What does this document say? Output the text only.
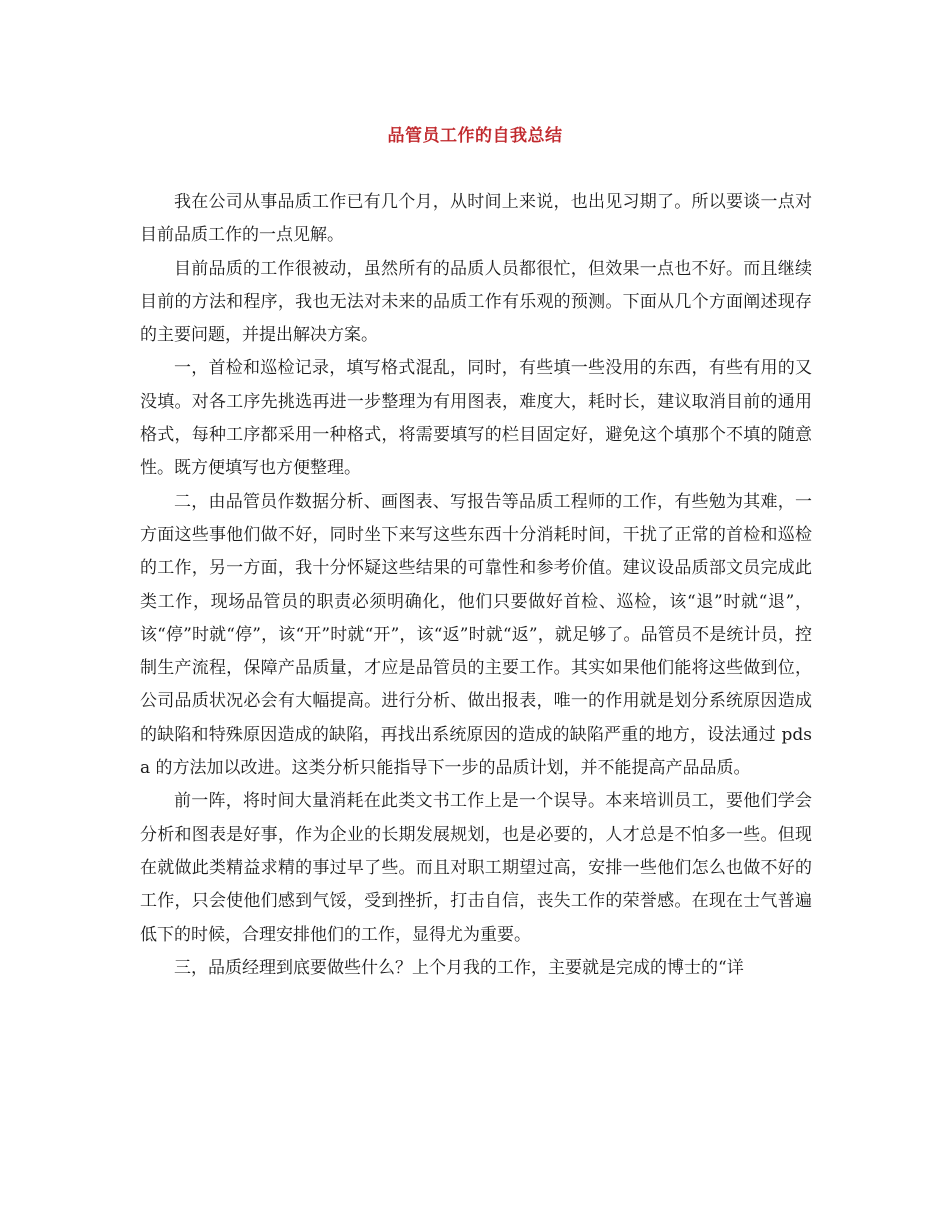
品管员工作的自我总结

我在公司从事品质工作已有几个月，从时间上来说，也出见习期了。所以要谈一点对目前品质工作的一点见解。

目前品质的工作很被动，虽然所有的品质人员都很忙，但效果一点也不好。而且继续目前的方法和程序，我也无法对未来的品质工作有乐观的预测。下面从几个方面阐述现存的主要问题，并提出解决方案。

一，首检和巡检记录，填写格式混乱，同时，有些填一些没用的东西，有些有用的又没填。对各工序先挑选再进一步整理为有用图表，难度大，耗时长，建议取消目前的通用格式，每种工序都采用一种格式，将需要填写的栏目固定好，避免这个填那个不填的随意性。既方便填写也方便整理。

二，由品管员作数据分析、画图表、写报告等品质工程师的工作，有些勉为其难，一方面这些事他们做不好，同时坐下来写这些东西十分消耗时间，干扰了正常的首检和巡检的工作，另一方面，我十分怀疑这些结果的可靠性和参考价值。建议设品质部文员完成此类工作，现场品管员的职责必须明确化，他们只要做好首检、巡检，该“退”时就“退”，该“停”时就“停”，该“开”时就“开”，该“返”时就“返”，就足够了。品管员不是统计员，控制生产流程，保障产品质量，才应是品管员的主要工作。其实如果他们能将这些做到位，公司品质状况必会有大幅提高。进行分析、做出报表，唯一的作用就是划分系统原因造成的缺陷和特殊原因造成的缺陷，再找出系统原因的造成的缺陷严重的地方，设法通过 pdsa 的方法加以改进。这类分析只能指导下一步的品质计划，并不能提高产品品质。

前一阵，将时间大量消耗在此类文书工作上是一个误导。本来培训员工，要他们学会分析和图表是好事，作为企业的长期发展规划，也是必要的，人才总是不怕多一些。但现在就做此类精益求精的事过早了些。而且对职工期望过高，安排一些他们怎么也做不好的工作，只会使他们感到气馁，受到挫折，打击自信，丧失工作的荣誉感。在现在士气普遍低下的时候，合理安排他们的工作，显得尤为重要。

三，品质经理到底要做些什么？上个月我的工作，主要就是完成的博士的“详
